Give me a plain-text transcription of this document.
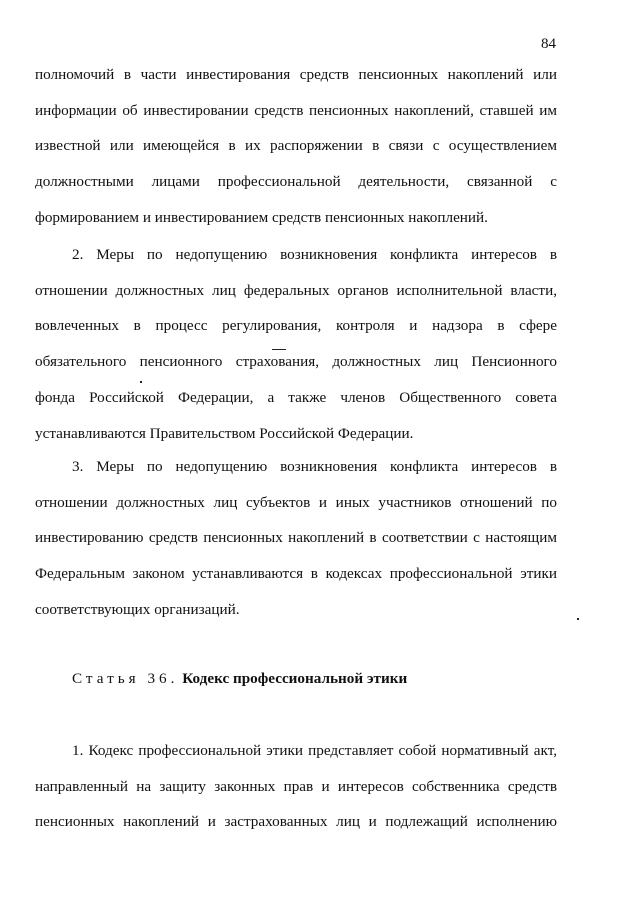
84
полномочий в части инвестирования средств пенсионных накоплений или
информации об инвестировании средств пенсионных накоплений, ставшей им
известной или имеющейся в их распоряжении в связи с осуществлением
должностными лицами профессиональной деятельности, связанной с
формированием и инвестированием средств пенсионных накоплений.
2. Меры по недопущению возникновения конфликта интересов в
отношении должностных лиц федеральных органов исполнительной власти,
вовлеченных в процесс регулирования, контроля и надзора в сфере
обязательного пенсионного страхования, должностных лиц Пенсионного
фонда Российской Федерации, а также членов Общественного совета
устанавливаются Правительством Российской Федерации.
3. Меры по недопущению возникновения конфликта интересов в
отношении должностных лиц субъектов и иных участников отношений по
инвестированию средств пенсионных накоплений в соответствии с настоящим
Федеральным законом устанавливаются в кодексах профессиональной этики
соответствующих организаций.
Статья 36. Кодекс профессиональной этики
1. Кодекс профессиональной этики представляет собой нормативный акт,
направленный на защиту законных прав и интересов собственника средств
пенсионных накоплений и застрахованных лиц и подлежащий исполнению
